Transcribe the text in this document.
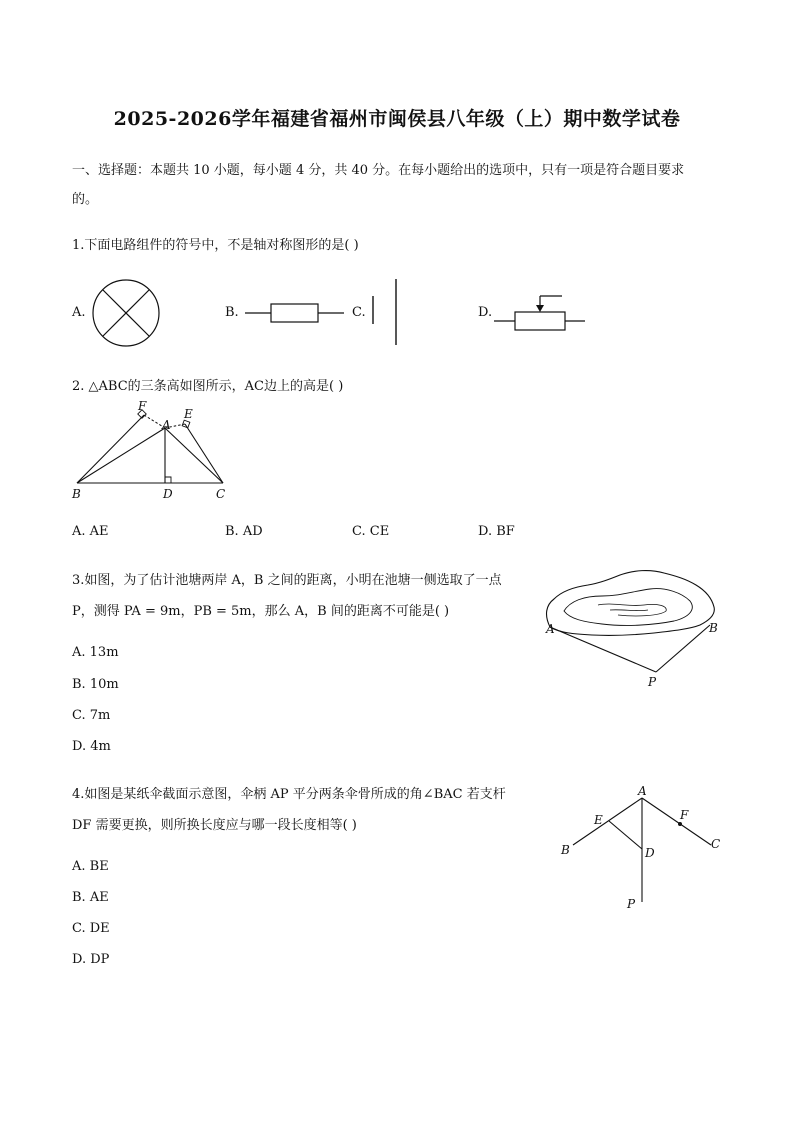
2025-2026学年福建省福州市闽侯县八年级（上）期中数学试卷
一、选择题：本题共 10 小题，每小题 4 分，共 40 分。在每小题给出的选项中，只有一项是符合题目要求
的。
1.下面电路组件的符号中，不是轴对称图形的是( )
A.	B.	C.	D.
2. △ABC的三条高如图所示，AC边上的高是( )
F
E
A
B	D	C
A. AE	B. AD	C. CE	D. BF
3.如图，为了估计池塘两岸 A，B 之间的距离，小明在池塘一侧选取了一点
P，测得 PA = 9m，PB = 5m，那么 A，B 间的距离不可能是( )
A	B
P
A. 13m
B. 10m
C. 7m
D. 4m
4.如图是某纸伞截面示意图，伞柄 AP 平分两条伞骨所成的角∠BAC 若支杆
DF 需要更换，则所换长度应与哪一段长度相等( )
A
E	F
B	D
C
P
A. BE
B. AE
C. DE
D. DP
